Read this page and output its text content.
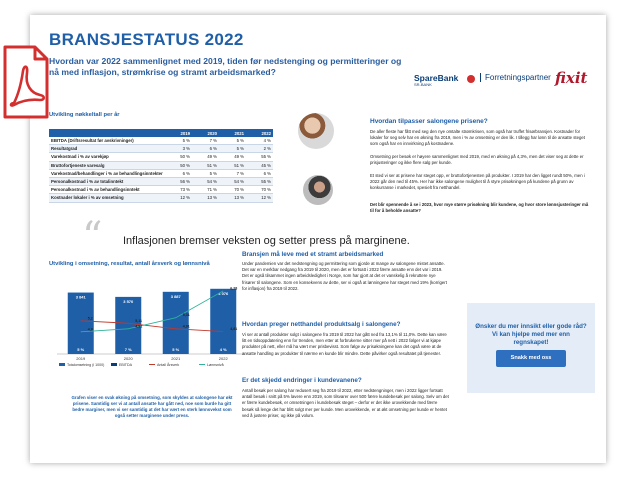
BRANSJESTATUS 2022
Hvordan var 2022 sammenlignet med 2019, tiden før nedstenging og permitteringer og nå med inflasjon, strømkrise og stramt arbeidsmarked?
SpareBank
SR-BANK
Forretningspartner fixit
Utvikling nøkkeltall per år
	2019	2020	2021	2022
EBITDA (Driftsresultat før avskrivninger)	5 %	7 %	5 %	4 %
Resultatgrad	3 %	6 %	5 %	2 %
Varekostnad i % av varekjøp	50 %	49 %	49 %	55 %
Bruttofortjeneste varesalg	50 %	51 %	51 %	45 %
Varekostnad/behandlinger i % av behandlingsinntekter	6 %	5 %	7 %	6 %
Personalkostnad i % av totalinntekt	56 %	54 %	54 %	55 %
Personalkostnad i % av behandlingsinntekt	73 %	71 %	70 %	70 %
Kostnader lokaler i % av omsetning	12 %	13 %	13 %	12 %
Hvordan tilpasser salongene prisene?
De aller fleste har fått med seg den nye omtalte strømkrisen, som også har truffet frisørbransjen. Kostnader for lokaler for seg selv har en økning fra 2019, men i % av omsetning er den lik. I tillegg har lønn til de ansatte steget som også har en innvirkning på kostnadene.
Omsetning per besøk er høyere sammenlignet med 2019, med en økning på 4,3%, men det viser seg at dette er prisjusteringer og ikke flere salg per kunde.
Et sted vi ser at prisene har steget opp, er bruttofortjenesten på produkter. I 2019 har den ligget rundt 50%, men i 2022 går den ned til 45%. Her har ikke salongene mulighet til å styre prisøkningen på kundene på grunn av konkurranse i markedet, spesielt fra netthandel.
Det blir spennende å se i 2023, hvor mye større prisøkning blir kundene, og hvor store lønnsjusteringer må til for å beholde ansatte?
“ Inflasjonen bremser veksten og setter press på marginene.
Utvikling i omsetning, resultat, antall årsverk og lønnsnivå
3 841
5 %
2019
3 570
7 %
2020
3 887
5 %
2021
4 076
4 %
2022
5,2
5,11
4,91
4,81
4,8
4,91
5,31
6,28
Totalomsetning (i 1000)	EBITDA	Antall Årsverk	Lønnsnivå
Grafen viser en svak økning på omsetning, som skyldes at salongene har økt prisene. Samtidig ser vi at antall ansatte har gått ned, noe som burde ha gitt bedre marginer, men vi ser samtidig at det har vært en sterk lønnsvekst som også setter marginene under press.
Bransjen må leve med et stramt arbeidsmarked
Under pandemien var det nedstengning og permittering som gjorde at mange av salongene mistet ansatte. Det var en merkbar nedgang fra 2019 til 2020, men det er fortsatt i 2022 færre ansatte enn det var i 2019. Det er også tilsammet ingen arbeidsledighet i Norge, som har gjort at det er vanskelig å rekruttere nye frisører til salongene. Som en konsekvens av dette, ser vi også at lønningene har steget med 19% (korrigert for inflasjon) fra 2019 til 2022.
Hvordan preger netthandel produktsalg i salongene?
Vi ser at antall produkter solgt i salongene fra 2019 til 2022 har gått ned fra 13,1% til 11,0%. Dette kan være litt en tidsoppdatering enn for trenden, men etter at forbrukerne sitter mer på nett i 2022 følger vi at kjøpe produkter på nett, eller må ha vært mer prisbevisst. Som følge av prisøkningene kan det også være at de ansatte handling av produkter til nærme en kunde blir mindre. Dette påvirker også resultatet på tjenester.
Er det skjedd endringer i kundevanene?
Antall besøk per salong har redusert seg fra 2019 til 2022, etter nedstengninger, men i 2022 ligger fortsatt antall besøk i snitt på 5% lavere enn 2019, som tilsvarer over 500 færre kundebesøk per salong. Selv om det er færre kundebesøk, er omsetningen i kundebesøk steget – derfor er det ikke urovekkende med færre besøk så lenge det har blitt solgt mer per kunde. Men urovekkende, er at økt omsetning per kunde er hentet ved å justere priser, og ikke på volum.
Ønsker du mer innsikt eller gode råd? Vi kan hjelpe med mer enn regnskapet!
Snakk med oss
